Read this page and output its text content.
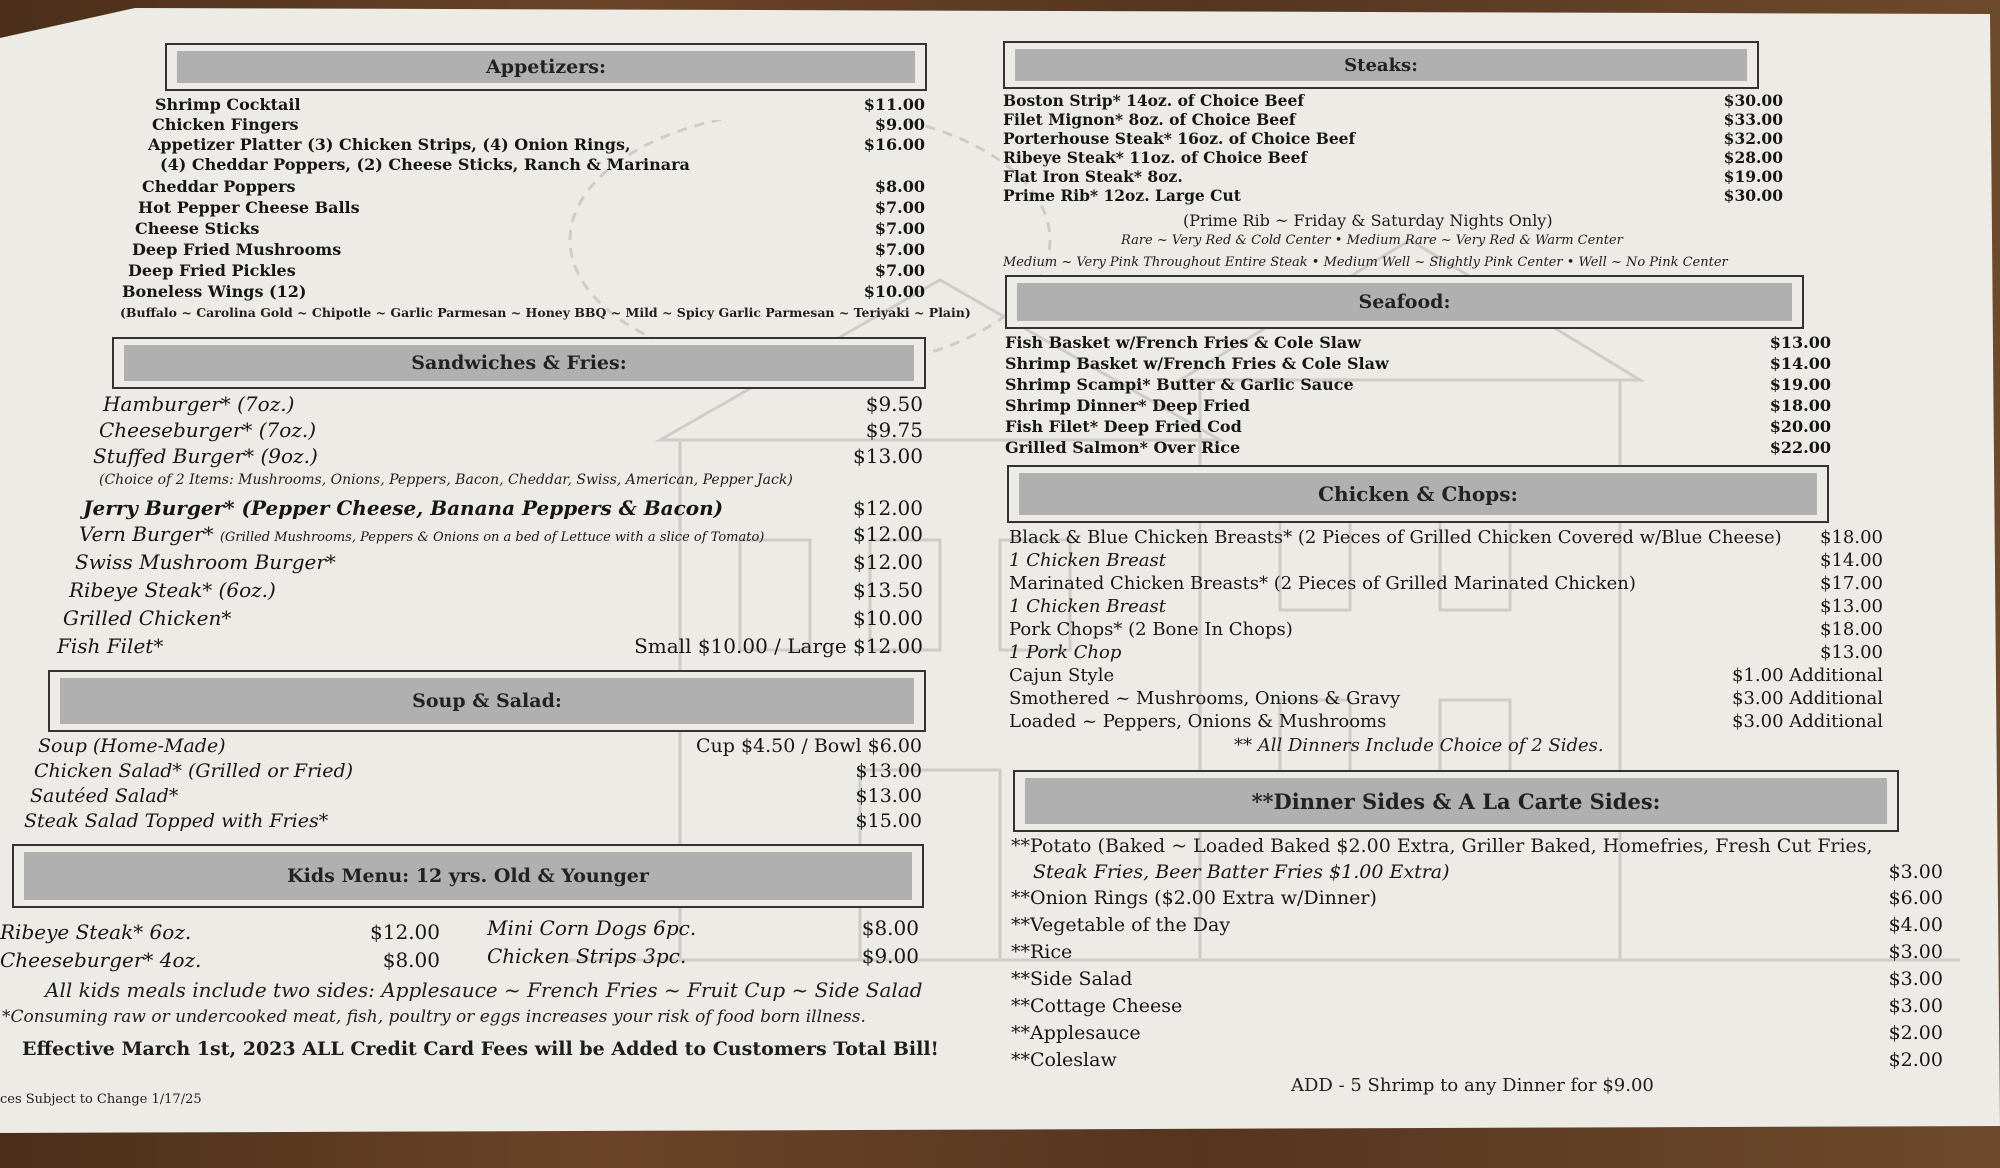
Appetizers:
Shrimp Cocktail	$11.00
Chicken Fingers	$9.00
Appetizer Platter (3) Chicken Strips, (4) Onion Rings,	$16.00
(4) Cheddar Poppers, (2) Cheese Sticks, Ranch & Marinara
Cheddar Poppers	$8.00
Hot Pepper Cheese Balls	$7.00
Cheese Sticks	$7.00
Deep Fried Mushrooms	$7.00
Deep Fried Pickles	$7.00
Boneless Wings (12)	$10.00
(Buffalo ~ Carolina Gold ~ Chipotle ~ Garlic Parmesan ~ Honey BBQ ~ Mild ~ Spicy Garlic Parmesan ~ Teriyaki ~ Plain)
Sandwiches & Fries:
Hamburger* (7oz.)	$9.50
Cheeseburger* (7oz.)	$9.75
Stuffed Burger* (9oz.)	$13.00
(Choice of 2 Items: Mushrooms, Onions, Peppers, Bacon, Cheddar, Swiss, American, Pepper Jack)
Jerry Burger* (Pepper Cheese, Banana Peppers & Bacon)	$12.00
Vern Burger* (Grilled Mushrooms, Peppers & Onions on a bed of Lettuce with a slice of Tomato)	$12.00
Swiss Mushroom Burger*	$12.00
Ribeye Steak* (6oz.)	$13.50
Grilled Chicken*	$10.00
Fish Filet*	Small $10.00 / Large $12.00
Soup & Salad:
Soup (Home-Made)	Cup $4.50 / Bowl $6.00
Chicken Salad* (Grilled or Fried)	$13.00
Sautéed Salad*	$13.00
Steak Salad Topped with Fries*	$15.00
Kids Menu: 12 yrs. Old & Younger
Ribeye Steak* 6oz.	$12.00
Cheeseburger* 4oz.	$8.00
Mini Corn Dogs 6pc.	$8.00
Chicken Strips 3pc.	$9.00
All kids meals include two sides: Applesauce ~ French Fries ~ Fruit Cup ~ Side Salad
*Consuming raw or undercooked meat, fish, poultry or eggs increases your risk of food born illness.
Effective March 1st, 2023 ALL Credit Card Fees will be Added to Customers Total Bill!
ces Subject to Change 1/17/25
Steaks:
Boston Strip* 14oz. of Choice Beef	$30.00
Filet Mignon* 8oz. of Choice Beef	$33.00
Porterhouse Steak* 16oz. of Choice Beef	$32.00
Ribeye Steak* 11oz. of Choice Beef	$28.00
Flat Iron Steak* 8oz.	$19.00
Prime Rib* 12oz. Large Cut	$30.00
(Prime Rib ~ Friday & Saturday Nights Only)
Rare ~ Very Red & Cold Center • Medium Rare ~ Very Red & Warm Center
Medium ~ Very Pink Throughout Entire Steak • Medium Well ~ Slightly Pink Center • Well ~ No Pink Center
Seafood:
Fish Basket w/French Fries & Cole Slaw	$13.00
Shrimp Basket w/French Fries & Cole Slaw	$14.00
Shrimp Scampi* Butter & Garlic Sauce	$19.00
Shrimp Dinner* Deep Fried	$18.00
Fish Filet* Deep Fried Cod	$20.00
Grilled Salmon* Over Rice	$22.00
Chicken & Chops:
Black & Blue Chicken Breasts* (2 Pieces of Grilled Chicken Covered w/Blue Cheese) $18.00
1 Chicken Breast	$14.00
Marinated Chicken Breasts* (2 Pieces of Grilled Marinated Chicken)	$17.00
1 Chicken Breast	$13.00
Pork Chops* (2 Bone In Chops)	$18.00
1 Pork Chop	$13.00
Cajun Style	$1.00 Additional
Smothered ~ Mushrooms, Onions & Gravy	$3.00 Additional
Loaded ~ Peppers, Onions & Mushrooms	$3.00 Additional
** All Dinners Include Choice of 2 Sides.
**Dinner Sides & A La Carte Sides:
**Potato (Baked ~ Loaded Baked $2.00 Extra, Griller Baked, Homefries, Fresh Cut Fries,
Steak Fries, Beer Batter Fries $1.00 Extra)	$3.00
**Onion Rings ($2.00 Extra w/Dinner)	$6.00
**Vegetable of the Day	$4.00
**Rice	$3.00
**Side Salad	$3.00
**Cottage Cheese	$3.00
**Applesauce	$2.00
**Coleslaw	$2.00
ADD - 5 Shrimp to any Dinner for $9.00
